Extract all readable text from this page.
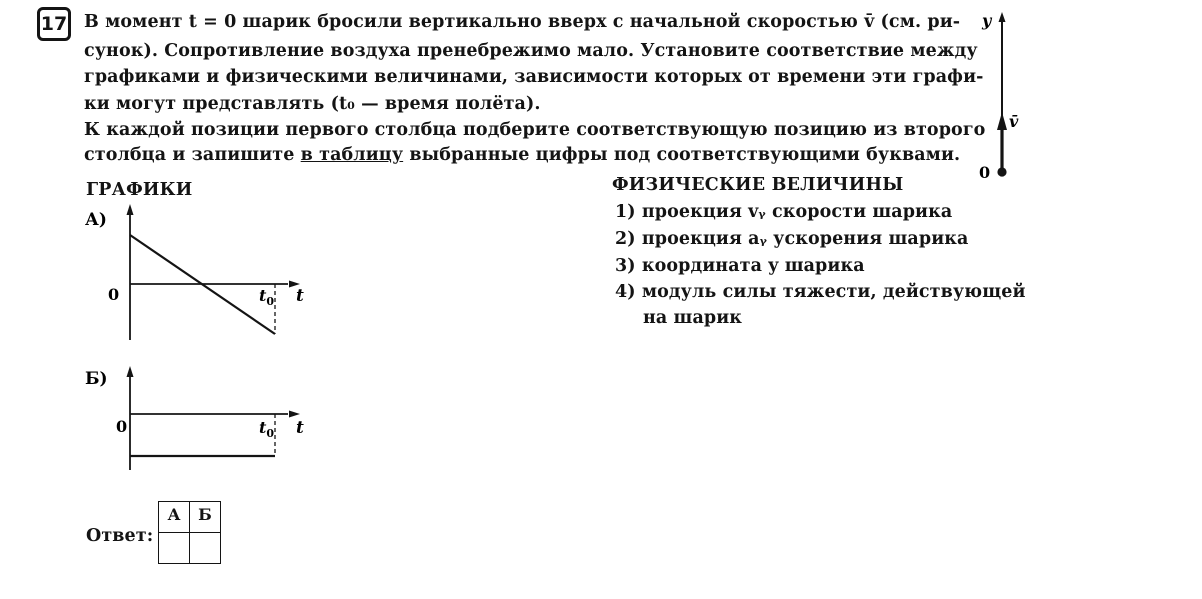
17 В момент t = 0 шарик бросили вертикально вверх с начальной скоростью v̄ (см. ри-
сунок). Сопротивление воздуха пренебрежимо мало. Установите соответствие между
графиками и физическими величинами, зависимости которых от времени эти графи-
ки могут представлять (t₀ — время полёта).
К каждой позиции первого столбца подберите соответствующую позицию из второго
столбца и запишите в таблицу выбранные цифры под соответствующими буквами.
y
v̄
0
ГРАФИКИ
А)
0	$t_0$ t
Б)
0	$t_0$ t
ФИЗИЧЕСКИЕ ВЕЛИЧИНЫ
1) проекция vᵧ скорости шарика
2) проекция aᵧ ускорения шарика
3) координата y шарика
4) модуль силы тяжести, действующей
на шарик
Ответ:
А	Б
